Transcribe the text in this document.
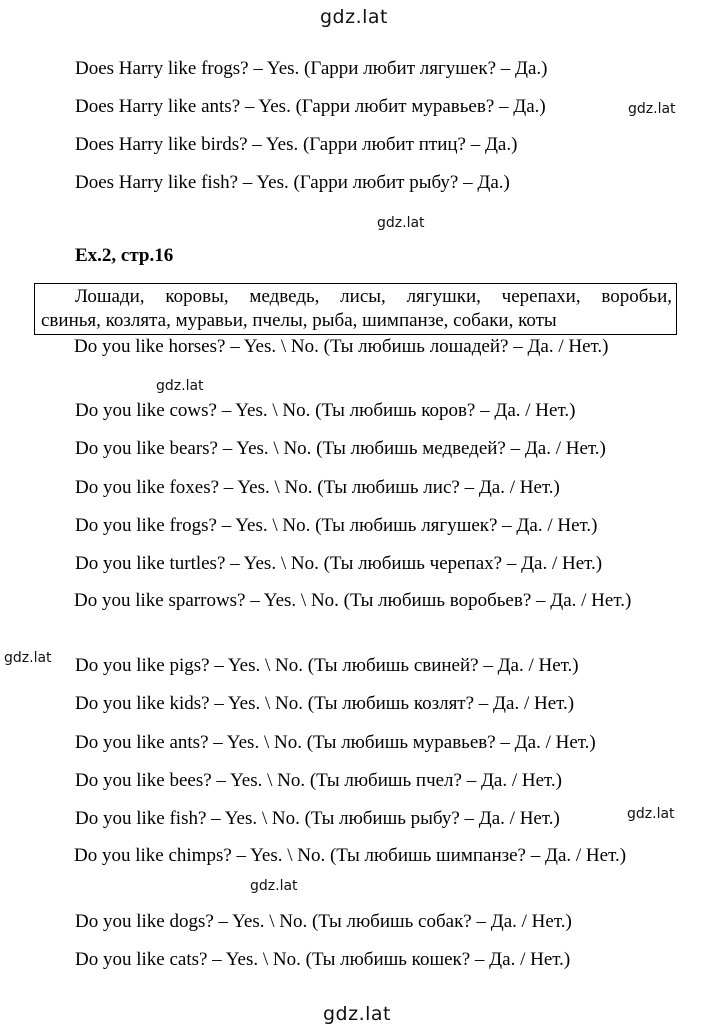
gdz.lat
gdz.lat
gdz.lat
gdz.lat
gdz.lat
gdz.lat
gdz.lat
gdz.lat
Does Harry like frogs? – Yes. (Гарри любит лягушек? – Да.)
Does Harry like ants? – Yes. (Гарри любит муравьев? – Да.)
Does Harry like birds? – Yes. (Гарри любит птиц? – Да.)
Does Harry like fish? – Yes. (Гарри любит рыбу? – Да.)
Ex.2, стр.16
Лошади, коровы, медведь, лисы, лягушки, черепахи, воробьи,
свинья, козлята, муравьи, пчелы, рыба, шимпанзе, собаки, коты
Do you like horses? – Yes. \ No. (Ты любишь лошадей? – Да. / Нет.)
Do you like cows? – Yes. \ No. (Ты любишь коров? – Да. / Нет.)
Do you like bears? – Yes. \ No. (Ты любишь медведей? – Да. / Нет.)
Do you like foxes? – Yes. \ No. (Ты любишь лис? – Да. / Нет.)
Do you like frogs? – Yes. \ No. (Ты любишь лягушек? – Да. / Нет.)
Do you like turtles? – Yes. \ No. (Ты любишь черепах? – Да. / Нет.)
Do you like sparrows? – Yes. \ No. (Ты любишь воробьев? – Да. / Нет.)
Do you like pigs? – Yes. \ No. (Ты любишь свиней? – Да. / Нет.)
Do you like kids? – Yes. \ No. (Ты любишь козлят? – Да. / Нет.)
Do you like ants? – Yes. \ No. (Ты любишь муравьев? – Да. / Нет.)
Do you like bees? – Yes. \ No. (Ты любишь пчел? – Да. / Нет.)
Do you like fish? – Yes. \ No. (Ты любишь рыбу? – Да. / Нет.)
Do you like chimps? – Yes. \ No. (Ты любишь шимпанзе? – Да. / Нет.)
Do you like dogs? – Yes. \ No. (Ты любишь собак? – Да. / Нет.)
Do you like cats? – Yes. \ No. (Ты любишь кошек? – Да. / Нет.)
